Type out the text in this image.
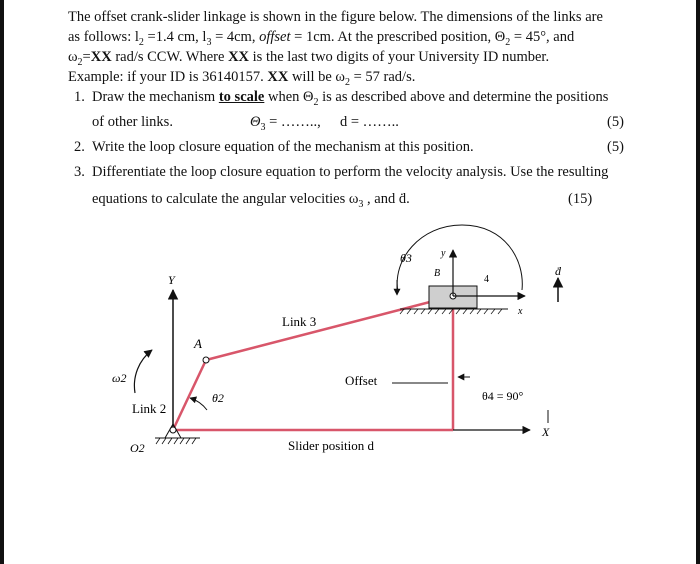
The offset crank-slider linkage is shown in the figure below. The dimensions of the links are
as follows: $l_2 =1.4$ cm, $l_3 = 4cm$, offset = 1cm. At the prescribed position, $\Theta_2 = 45^\circ$, and
$\omega_2=XX$ rad/s CCW. Where XX is the last two digits of your University ID number.
Example: if your ID is 36140157. XX will be $\omega_2 = 57$ rad/s.
1. Draw the mechanism to scale when $\Theta_2$ is as described above and determine the positions
of other links.	$\Theta_3$ = …….., d = ……..	(5)
2. Write the loop closure equation of the mechanism at this position.	(5)
3. Differentiate the loop closure equation to perform the velocity analysis. Use the resulting
equations to calculate the angular velocities $\omega_3$ , and ḋ.	(15)
Y
A
Link 3
ω2
Link 2
θ2
O2
Offset
Slider position d
θ3	y
B
4
x
ḋ
θ4 = 90°
X
